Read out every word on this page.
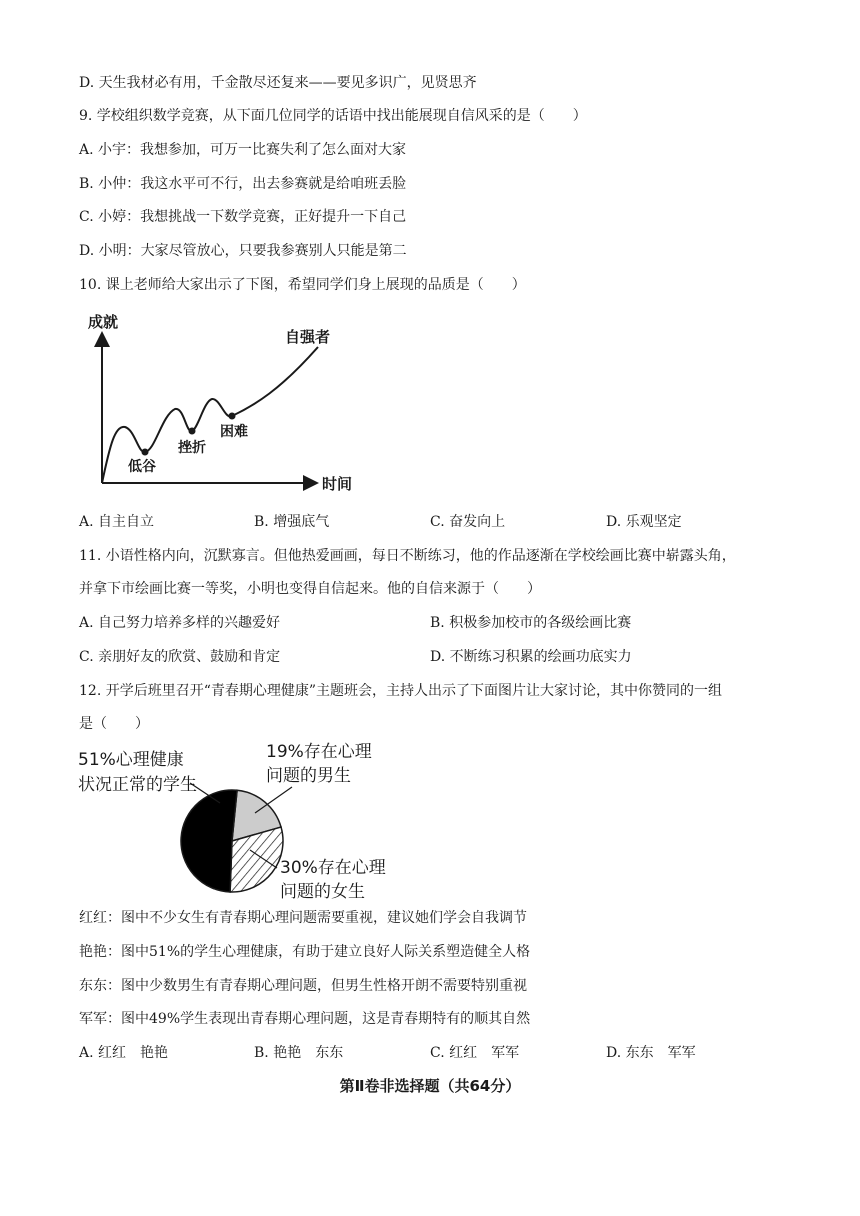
D. 天生我材必有用，千金散尽还复来——要见多识广，见贤思齐
9. 学校组织数学竞赛，从下面几位同学的话语中找出能展现自信风采的是（　　）
A. 小宇：我想参加，可万一比赛失利了怎么面对大家
B. 小仲：我这水平可不行，出去参赛就是给咱班丢脸
C. 小婷：我想挑战一下数学竞赛，正好提升一下自己
D. 小明：大家尽管放心，只要我参赛别人只能是第二
10. 课上老师给大家出示了下图，希望同学们身上展现的品质是（　　）
成就
时间
低谷
挫折
困难
自强者
A. 自主自立	B. 增强底气	C. 奋发向上	D. 乐观坚定
11. 小语性格内向，沉默寡言。但他热爱画画，每日不断练习，他的作品逐渐在学校绘画比赛中崭露头角，
并拿下市绘画比赛一等奖，小明也变得自信起来。他的自信来源于（　　）
A. 自己努力培养多样的兴趣爱好	B. 积极参加校市的各级绘画比赛
C. 亲朋好友的欣赏、鼓励和肯定	D. 不断练习积累的绘画功底实力
12. 开学后班里召开“青春期心理健康”主题班会，主持人出示了下面图片让大家讨论，其中你赞同的一组
是（　　）
51%心理健康
状况正常的学生
19%存在心理
问题的男生
30%存在心理
问题的女生
红红：图中不少女生有青春期心理问题需要重视，建议她们学会自我调节
艳艳：图中51%的学生心理健康，有助于建立良好人际关系塑造健全人格
东东：图中少数男生有青春期心理问题，但男生性格开朗不需要特别重视
军军：图中49%学生表现出青春期心理问题，这是青春期特有的顺其自然
A. 红红　艳艳	B. 艳艳　东东	C. 红红　军军	D. 东东　军军
第Ⅱ卷非选择题（共64分）
